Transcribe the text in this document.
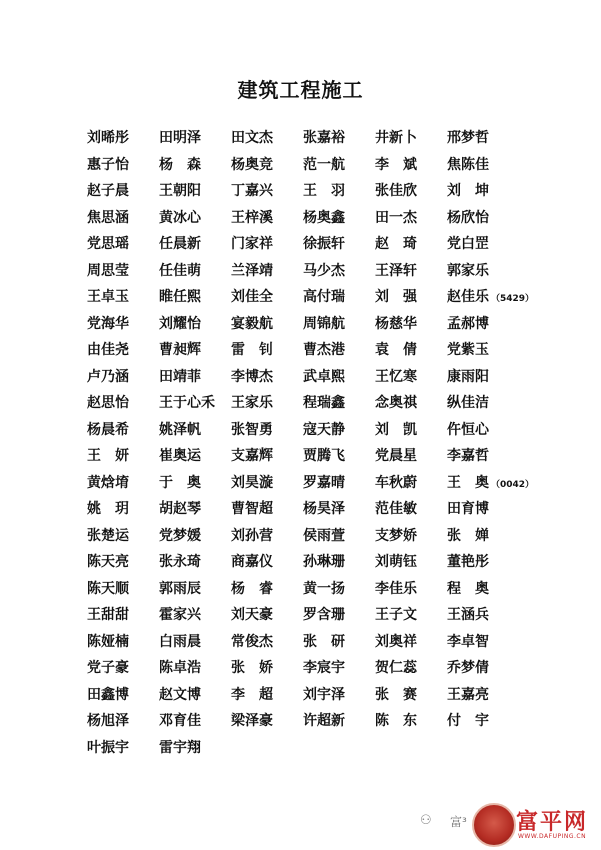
建筑工程施工
刘晞彤	田明泽	田文杰	张嘉裕	井新卜	邢梦哲
惠子怡	杨 森	杨奥竞	范一航	李 斌	焦陈佳
赵子晨	王朝阳	丁嘉兴	王 羽	张佳欣	刘 坤
焦思涵	黄冰心	王梓溪	杨奥鑫	田一杰	杨欣怡
党思瑶	任晨新	门家祥	徐振轩	赵 琦	党白罡
周思莹	任佳萌	兰泽靖	马少杰	王泽轩	郭家乐
王卓玉	睢任熙	刘佳全	高付瑞	刘 强	赵佳乐 （5429）
党海华	刘耀怡	宴毅航	周锦航	杨慈华	孟郝博
由佳尧	曹昶辉	雷 钊	曹杰港	袁 倩	党紫玉
卢乃涵	田靖菲	李博杰	武卓熙	王忆寒	康雨阳
赵思怡	王于心禾	王家乐	程瑞鑫	念奥祺	纵佳洁
杨晨希	姚泽帆	张智勇	寇天静	刘 凯	仵恒心
王 妍	崔奥运	支嘉辉	贾腾飞	党晨星	李嘉哲
黄焓堉	于 奥	刘昊漩	罗嘉晴	车秋蔚	王 奥 （0042）
姚 玥	胡赵琴	曹智超	杨昊泽	范佳敏	田育博
张楚运	党梦媛	刘孙营	侯雨萱	支梦娇	张 婵
陈天亮	张永琦	商嘉仪	孙琳珊	刘萌钰	董艳彤
陈天顺	郭雨辰	杨 睿	黄一扬	李佳乐	程 奥
王甜甜	霍家兴	刘天豪	罗含珊	王子文	王涵兵
陈娅楠	白雨晨	常俊杰	张 研	刘奥祥	李卓智
党子豪	陈卓浩	张 娇	李宸宇	贺仁蕊	乔梦倩
田鑫博	赵文博	李 超	刘宇泽	张 赛	王嘉亮
杨旭泽	邓育佳	梁泽豪	许超新	陈 东	付 宇
叶振宇	雷宇翔
⚇ 富³ 富平网
WWW.DAFUPING.CN
